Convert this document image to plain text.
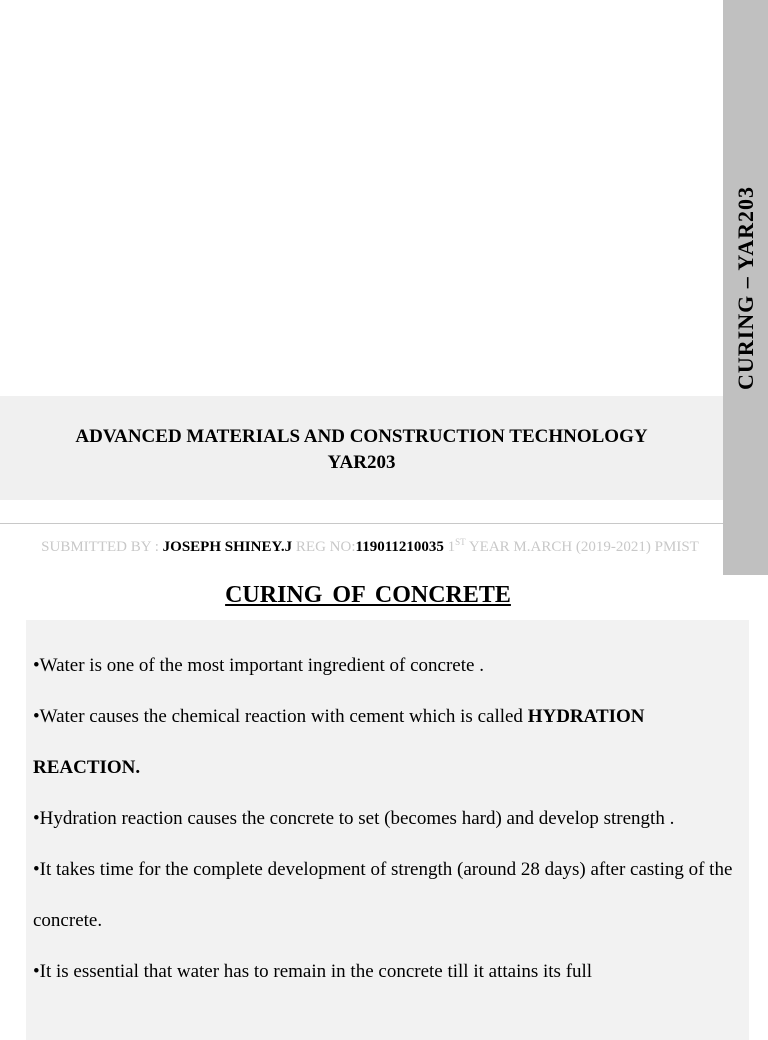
CURING – YAR203
ADVANCED MATERIALS AND CONSTRUCTION TECHNOLOGY
YAR203
SUBMITTED BY : JOSEPH SHINEY.J REG NO:119011210035 1ST YEAR M.ARCH (2019-2021) PMIST
CURING OF CONCRETE

•Water is one of the most important ingredient of concrete .

•Water causes the chemical reaction with cement which is called HYDRATION REACTION.

•Hydration reaction causes the concrete to set (becomes hard) and develop strength .

•It takes time for the complete development of strength (around 28 days) after casting of the concrete.

•It is essential that water has to remain in the concrete till it attains its full
